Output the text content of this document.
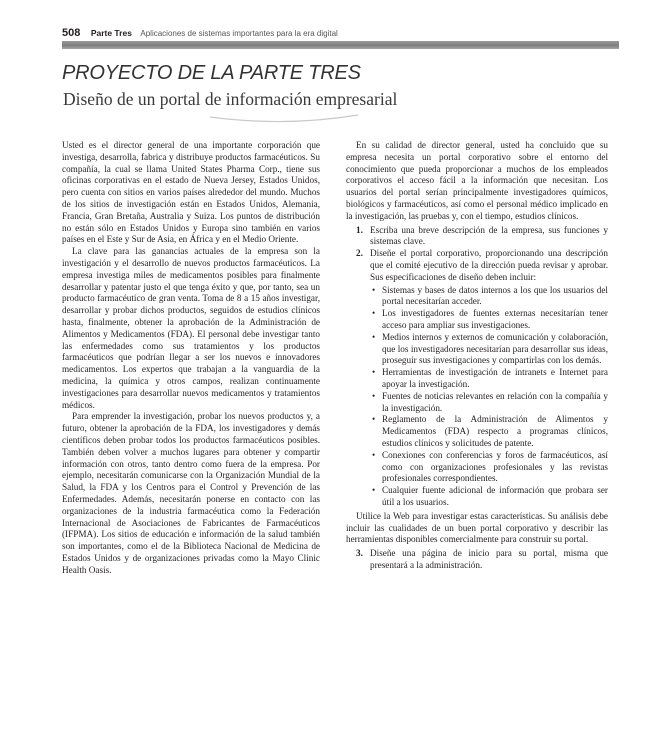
508 Parte Tres Aplicaciones de sistemas importantes para la era digital
PROYECTO DE LA PARTE TRES
Diseño de un portal de información empresarial

Usted es el director general de una importante corporación que investiga, desarrolla, fabrica y distribuye productos farmacéuticos. Su compañía, la cual se llama United States Pharma Corp., tiene sus oficinas corporativas en el estado de Nueva Jersey, Estados Unidos, pero cuenta con sitios en varios países alrededor del mundo. Muchos de los sitios de investigación están en Estados Unidos, Alemania, Francia, Gran Bretaña, Australia y Suiza. Los puntos de distribución no están sólo en Estados Unidos y Europa sino también en varios países en el Este y Sur de Asia, en África y en el Medio Oriente.

La clave para las ganancias actuales de la empresa son la investigación y el desarrollo de nuevos productos farmacéuticos. La empresa investiga miles de medicamentos posibles para finalmente desarrollar y patentar justo el que tenga éxito y que, por tanto, sea un producto farmacéutico de gran venta. Toma de 8 a 15 años investigar, desarrollar y probar dichos productos, seguidos de estudios clínicos hasta, finalmente, obtener la aprobación de la Administración de Alimentos y Medicamentos (FDA). El personal debe investigar tanto las enfermedades como sus tratamientos y los productos farmacéuticos que podrían llegar a ser los nuevos e innovadores medicamentos. Los expertos que trabajan a la vanguardia de la medicina, la química y otros campos, realizan continuamente investigaciones para desarrollar nuevos medicamentos y tratamientos médicos.

Para emprender la investigación, probar los nuevos productos y, a futuro, obtener la aprobación de la FDA, los investigadores y demás científicos deben probar todos los productos farmacéuticos posibles. También deben volver a muchos lugares para obtener y compartir información con otros, tanto dentro como fuera de la empresa. Por ejemplo, necesitarán comunicarse con la Organización Mundial de la Salud, la FDA y los Centros para el Control y Prevención de las Enfermedades. Además, necesitarán ponerse en contacto con las organizaciones de la industria farmacéutica como la Federación Internacional de Asociaciones de Fabricantes de Farmacéuticos (IFPMA). Los sitios de educación e información de la salud también son importantes, como el de la Biblioteca Nacional de Medicina de Estados Unidos y de organizaciones privadas como la Mayo Clinic Health Oasis.

En su calidad de director general, usted ha concluido que su empresa necesita un portal corporativo sobre el entorno del conocimiento que pueda proporcionar a muchos de los empleados corporativos el acceso fácil a la información que necesitan. Los usuarios del portal serían principalmente investigadores químicos, biológicos y farmacéuticos, así como el personal médico implicado en la investigación, las pruebas y, con el tiempo, estudios clínicos.

1. Escriba una breve descripción de la empresa, sus funciones y sistemas clave.
2. Diseñe el portal corporativo, proporcionando una descripción que el comité ejecutivo de la dirección pueda revisar y aprobar. Sus especificaciones de diseño deben incluir:
• Sistemas y bases de datos internos a los que los usuarios del portal necesitarían acceder.
• Los investigadores de fuentes externas necesitarían tener acceso para ampliar sus investigaciones.
• Medios internos y externos de comunicación y colaboración, que los investigadores necesitarían para desarrollar sus ideas, proseguir sus investigaciones y compartirlas con los demás.
• Herramientas de investigación de intranets e Internet para apoyar la investigación.
• Fuentes de noticias relevantes en relación con la compañía y la investigación.
• Reglamento de la Administración de Alimentos y Medicamentos (FDA) respecto a programas clínicos, estudios clínicos y solicitudes de patente.
• Conexiones con conferencias y foros de farmacéuticos, así como con organizaciones profesionales y las revistas profesionales correspondientes.
• Cualquier fuente adicional de información que probara ser útil a los usuarios.

Utilice la Web para investigar estas características. Su análisis debe incluir las cualidades de un buen portal corporativo y describir las herramientas disponibles comercialmente para construir su portal.

3. Diseñe una página de inicio para su portal, misma que presentará a la administración.
